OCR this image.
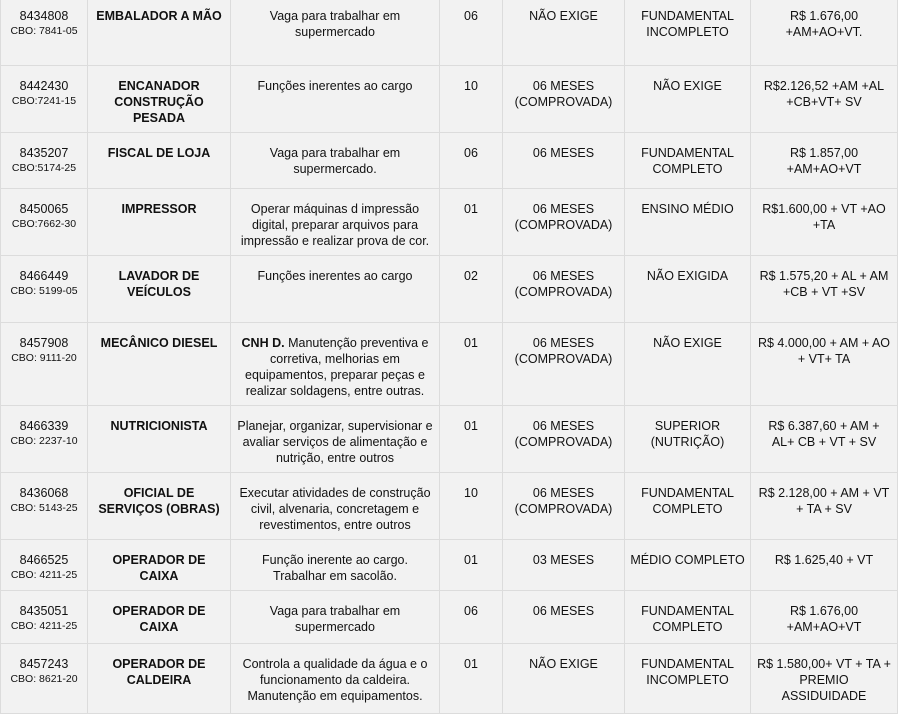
8434808
CBO: 7841-05	EMBALADOR A MÃO	Vaga para trabalhar em supermercado	06	NÃO EXIGE	FUNDAMENTAL INCOMPLETO	R$ 1.676,00 +AM+AO+VT.

8442430
CBO:7241-15	ENCANADOR CONSTRUÇÃO PESADA	Funções inerentes ao cargo	10	06 MESES (COMPROVADA)	NÃO EXIGE	R$2.126,52 +AM +AL +CB+VT+ SV

8435207
CBO:5174-25	FISCAL DE LOJA	Vaga para trabalhar em supermercado.	06	06 MESES	FUNDAMENTAL COMPLETO	R$ 1.857,00 +AM+AO+VT

8450065
CBO:7662-30	IMPRESSOR	Operar máquinas d impressão digital, preparar arquivos para impressão e realizar prova de cor.	01	06 MESES (COMPROVADA)	ENSINO MÉDIO	R$1.600,00 + VT +AO +TA

8466449
CBO: 5199-05	LAVADOR DE VEÍCULOS	Funções inerentes ao cargo	02	06 MESES (COMPROVADA)	NÃO EXIGIDA	R$ 1.575,20 + AL + AM +CB + VT +SV

8457908
CBO: 9111-20	MECÂNICO DIESEL	CNH D. Manutenção preventiva e corretiva, melhorias em equipamentos, preparar peças e realizar soldagens, entre outras.	01	06 MESES (COMPROVADA)	NÃO EXIGE	R$ 4.000,00 + AM + AO + VT+ TA

8466339
CBO: 2237-10	NUTRICIONISTA	Planejar, organizar, supervisionar e avaliar serviços de alimentação e nutrição, entre outros	01	06 MESES (COMPROVADA)	SUPERIOR (NUTRIÇÃO)	R$ 6.387,60 + AM + AL+ CB + VT + SV

8436068
CBO: 5143-25	OFICIAL DE SERVIÇOS (OBRAS)	Executar atividades de construção civil, alvenaria, concretagem e revestimentos, entre outros	10	06 MESES (COMPROVADA)	FUNDAMENTAL COMPLETO	R$ 2.128,00 + AM + VT + TA + SV

8466525
CBO: 4211-25	OPERADOR DE CAIXA	Função inerente ao cargo. Trabalhar em sacolão.	01	03 MESES	MÉDIO COMPLETO	R$ 1.625,40 + VT

8435051
CBO: 4211-25	OPERADOR DE CAIXA	Vaga para trabalhar em supermercado	06	06 MESES	FUNDAMENTAL COMPLETO	R$ 1.676,00 +AM+AO+VT

8457243
CBO: 8621-20	OPERADOR DE CALDEIRA	Controla a qualidade da água e o funcionamento da caldeira. Manutenção em equipamentos.	01	NÃO EXIGE	FUNDAMENTAL INCOMPLETO	R$ 1.580,00+ VT + TA + PREMIO ASSIDUIDADE
